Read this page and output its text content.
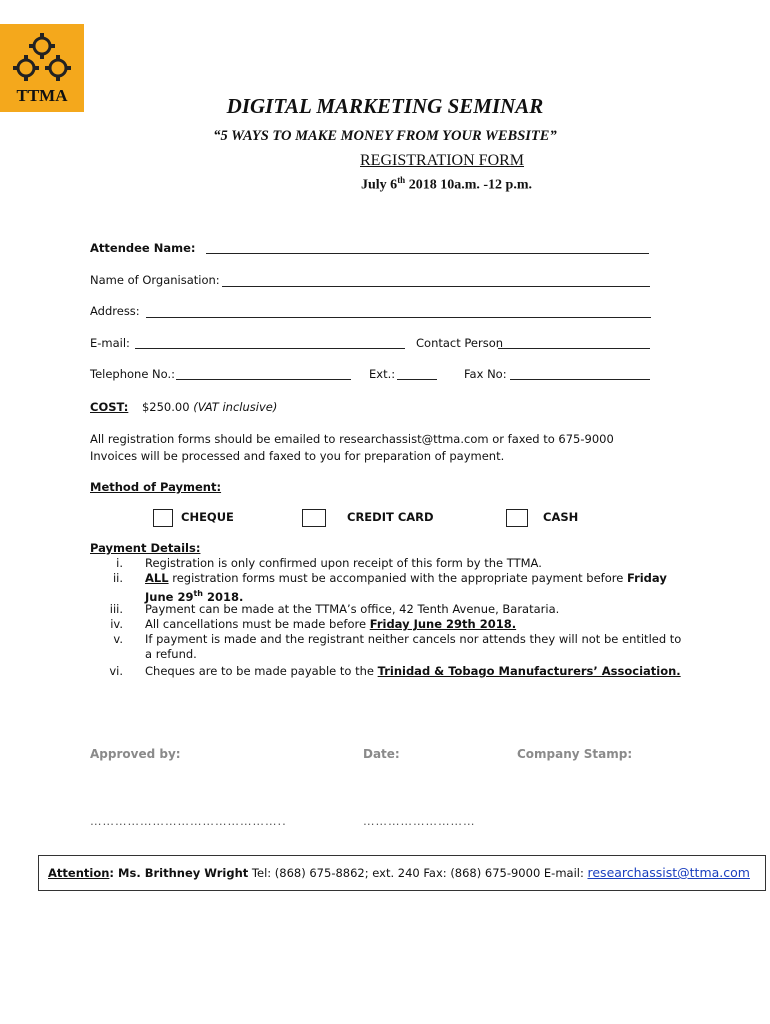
TTMA	DIGITAL MARKETING SEMINAR
“5 WAYS TO MAKE MONEY FROM YOUR WEBSITE”
REGISTRATION FORM
July 6th 2018 10a.m. -12 p.m.
Attendee Name:
Name of Organisation:
Address:
E-mail:	Contact Person
Telephone No.:	Ext.:	Fax No:
COST: $250.00 (VAT inclusive)
All registration forms should be emailed to researchassist@ttma.com or faxed to 675-9000
Invoices will be processed and faxed to you for preparation of payment.
Method of Payment:
CHEQUE	CREDIT CARD	CASH
Payment Details:
i. Registration is only confirmed upon receipt of this form by the TTMA.
ii. ALL registration forms must be accompanied with the appropriate payment before Friday June 29th 2018.
iii. Payment can be made at the TTMA’s office, 42 Tenth Avenue, Barataria.
iv. All cancellations must be made before Friday June 29th 2018.
v. If payment is made and the registrant neither cancels nor attends they will not be entitled to a refund.
vi. Cheques are to be made payable to the Trinidad & Tobago Manufacturers’ Association.
Approved by:	Date:	Company Stamp:
………………………………………..	………………………
Attention: Ms. Brithney Wright Tel: (868) 675-8862; ext. 240 Fax: (868) 675-9000 E-mail: researchassist@ttma.com
